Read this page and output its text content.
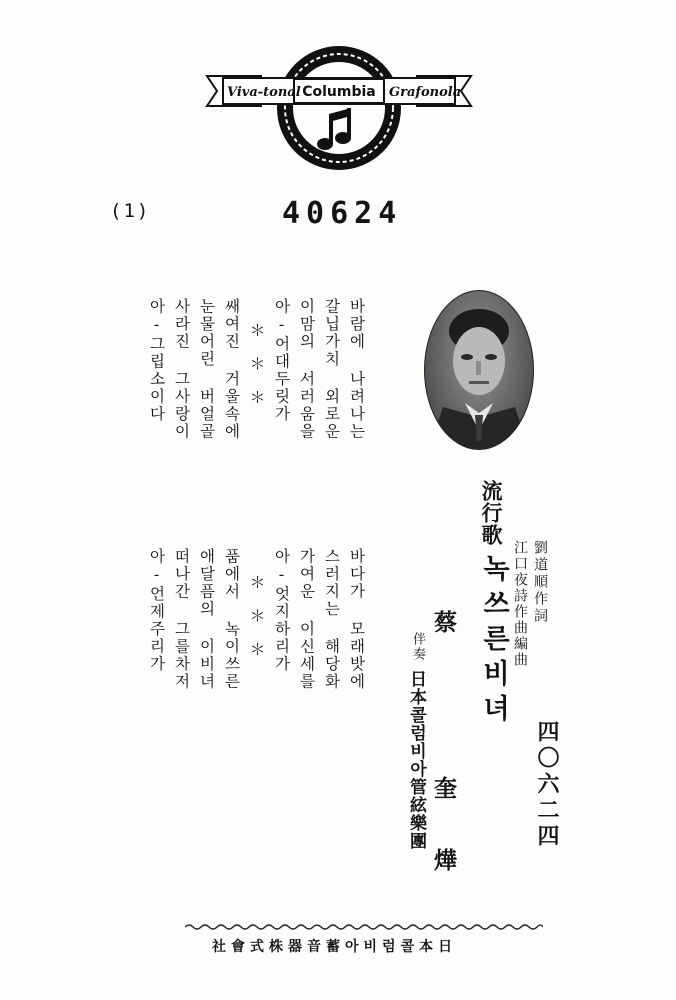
Viva-tonal Columbia Grafonola
(1)	40624
바람에 나려나는
갈닙가치 외로운
이맘의 서러움을
아-어대두릿가
＊＊＊
쌔여진 거울속에
눈물어린 버얼골
사라진 그사랑이
아-그립소이다
바다가 모래밧에
스러지는 해당화
가여운 이신세를
아-엇지하리가
＊＊＊
품에서 녹이쓰른
애달픔의 이비녀
떠나간 그를차저
아-언제주리가
流行歌
劉道順作詞
江口夜詩作曲編曲
녹쓰른비녀
蔡
奎
燁
伴奏
日本콜럼비아管絃樂團	四〇六二四
社會式株器音蓄아비럼콜本日
